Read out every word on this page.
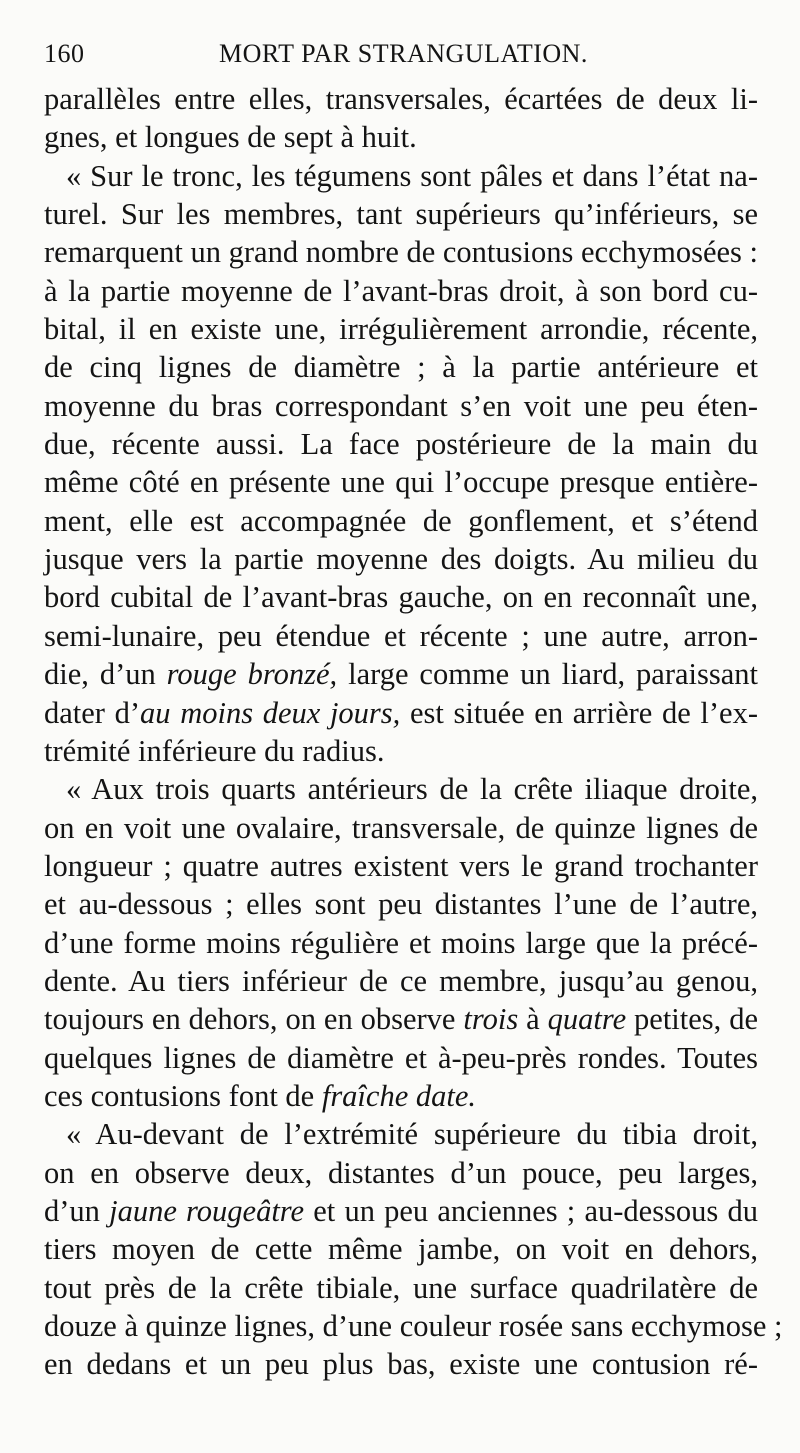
160	MORT PAR STRANGULATION.
parallèles entre elles, transversales, écartées de deux li-
gnes, et longues de sept à huit.
« Sur le tronc, les tégumens sont pâles et dans l’état na-
turel. Sur les membres, tant supérieurs qu’inférieurs, se
remarquent un grand nombre de contusions ecchymosées :
à la partie moyenne de l’avant-bras droit, à son bord cu-
bital, il en existe une, irrégulièrement arrondie, récente,
de cinq lignes de diamètre ; à la partie antérieure et
moyenne du bras correspondant s’en voit une peu éten-
due, récente aussi. La face postérieure de la main du
même côté en présente une qui l’occupe presque entière-
ment, elle est accompagnée de gonflement, et s’étend
jusque vers la partie moyenne des doigts. Au milieu du
bord cubital de l’avant-bras gauche, on en reconnaît une,
semi-lunaire, peu étendue et récente ; une autre, arron-
die, d’un rouge bronzé, large comme un liard, paraissant
dater d’au moins deux jours, est située en arrière de l’ex-
trémité inférieure du radius.
« Aux trois quarts antérieurs de la crête iliaque droite,
on en voit une ovalaire, transversale, de quinze lignes de
longueur ; quatre autres existent vers le grand trochanter
et au-dessous ; elles sont peu distantes l’une de l’autre,
d’une forme moins régulière et moins large que la précé-
dente. Au tiers inférieur de ce membre, jusqu’au genou,
toujours en dehors, on en observe trois à quatre petites, de
quelques lignes de diamètre et à-peu-près rondes. Toutes
ces contusions font de fraîche date.
« Au-devant de l’extrémité supérieure du tibia droit,
on en observe deux, distantes d’un pouce, peu larges,
d’un jaune rougeâtre et un peu anciennes ; au-dessous du
tiers moyen de cette même jambe, on voit en dehors,
tout près de la crête tibiale, une surface quadrilatère de
douze à quinze lignes, d’une couleur rosée sans ecchymose ;
en dedans et un peu plus bas, existe une contusion ré-
